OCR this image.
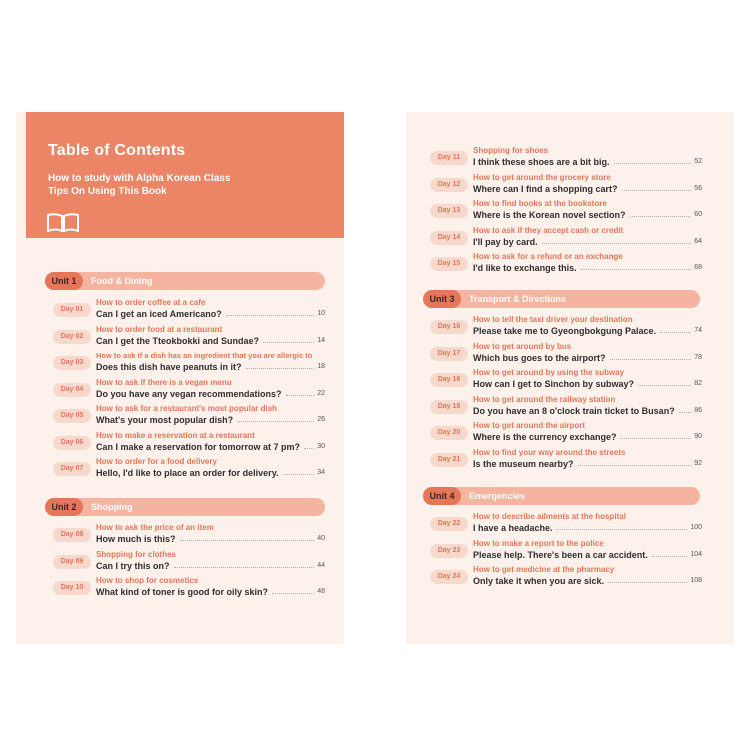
Table of Contents
How to study with Alpha Korean Class
Tips On Using This Book
Unit 1	Food & Dining
Day 01
How to order coffee at a cafe
Can I get an iced Americano?	10
Day 02
How to order food at a restaurant
Can I get the Tteokbokki and Sundae?	14
Day 03
How to ask if a dish has an ingredient that you are allergic to
Does this dish have peanuts in it?	18
Day 04
How to ask if there is a vegan menu
Do you have any vegan recommendations?	22
Day 05
How to ask for a restaurant's most popular dish
What's your most popular dish?	26
Day 06
How to make a reservation at a restaurant
Can I make a reservation for tomorrow at 7 pm? 30
Day 07
How to order for a food delivery
Hello, I'd like to place an order for delivery.	34
Unit 2	Shopping
Day 08
How to ask the price of an item
How much is this?	40
Day 09
Shopping for clothes
Can I try this on?	44
Day 10
How to shop for cosmetics
What kind of toner is good for oily skin?	48
Day 11
Shopping for shoes
I think these shoes are a bit big.	52
Day 12
How to get around the grocery store
Where can I find a shopping cart?	56
Day 13
How to find books at the bookstore
Where is the Korean novel section?	60
Day 14
How to ask if they accept cash or credit
I'll pay by card.	64
Day 15
How to ask for a refund or an exchange
I'd like to exchange this.	68
Unit 3	Transport & Directions
Day 16
How to tell the taxi driver your destination
Please take me to Gyeongbokgung Palace.	74
Day 17
How to get around by bus
Which bus goes to the airport?	78
Day 18
How to get around by using the subway
How can I get to Sinchon by subway?	82
Day 19
How to get around the railway station
Do you have an 8 o'clock train ticket to Busan?	86
Day 20
How to get around the airport
Where is the currency exchange?	90
Day 21
How to find your way around the streets
Is the museum nearby?	92
Unit 4	Emergencies
Day 22
How to describe ailments at the hospital
I have a headache.	100
Day 23
How to make a report to the police
Please help. There's been a car accident.	104
Day 24
How to get medicine at the pharmacy
Only take it when you are sick.	108
